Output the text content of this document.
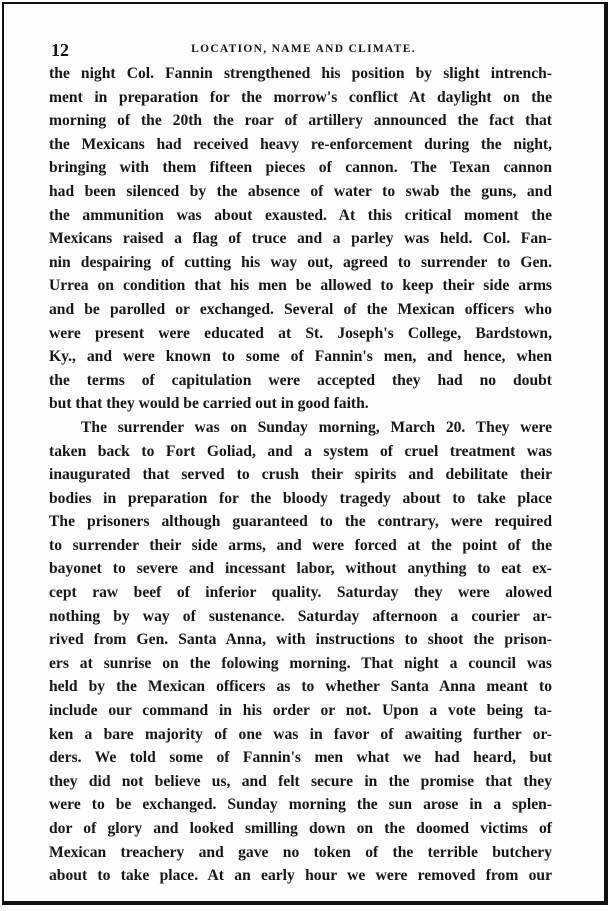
12	LOCATION, NAME AND CLIMATE.
the night Col. Fannin strengthened his position by slight intrench-
ment in preparation for the morrow's conflict At daylight on the
morning of the 20th the roar of artillery announced the fact that
the Mexicans had received heavy re-enforcement during the night,
bringing with them fifteen pieces of cannon. The Texan cannon
had been silenced by the absence of water to swab the guns, and
the ammunition was about exausted. At this critical moment the
Mexicans raised a flag of truce and a parley was held. Col. Fan-
nin despairing of cutting his way out, agreed to surrender to Gen.
Urrea on condition that his men be allowed to keep their side arms
and be parolled or exchanged. Several of the Mexican officers who
were present were educated at St. Joseph's College, Bardstown,
Ky., and were known to some of Fannin's men, and hence, when
the terms of capitulation were accepted they had no doubt
but that they would be carried out in good faith.
The surrender was on Sunday morning, March 20. They were
taken back to Fort Goliad, and a system of cruel treatment was
inaugurated that served to crush their spirits and debilitate their
bodies in preparation for the bloody tragedy about to take place
The prisoners although guaranteed to the contrary, were required
to surrender their side arms, and were forced at the point of the
bayonet to severe and incessant labor, without anything to eat ex-
cept raw beef of inferior quality. Saturday they were alowed
nothing by way of sustenance. Saturday afternoon a courier ar-
rived from Gen. Santa Anna, with instructions to shoot the prison-
ers at sunrise on the folowing morning. That night a council was
held by the Mexican officers as to whether Santa Anna meant to
include our command in his order or not. Upon a vote being ta-
ken a bare majority of one was in favor of awaiting further or-
ders. We told some of Fannin's men what we had heard, but
they did not believe us, and felt secure in the promise that they
were to be exchanged. Sunday morning the sun arose in a splen-
dor of glory and looked smilling down on the doomed victims of
Mexican treachery and gave no token of the terrible butchery
about to take place. At an early hour we were removed from our
